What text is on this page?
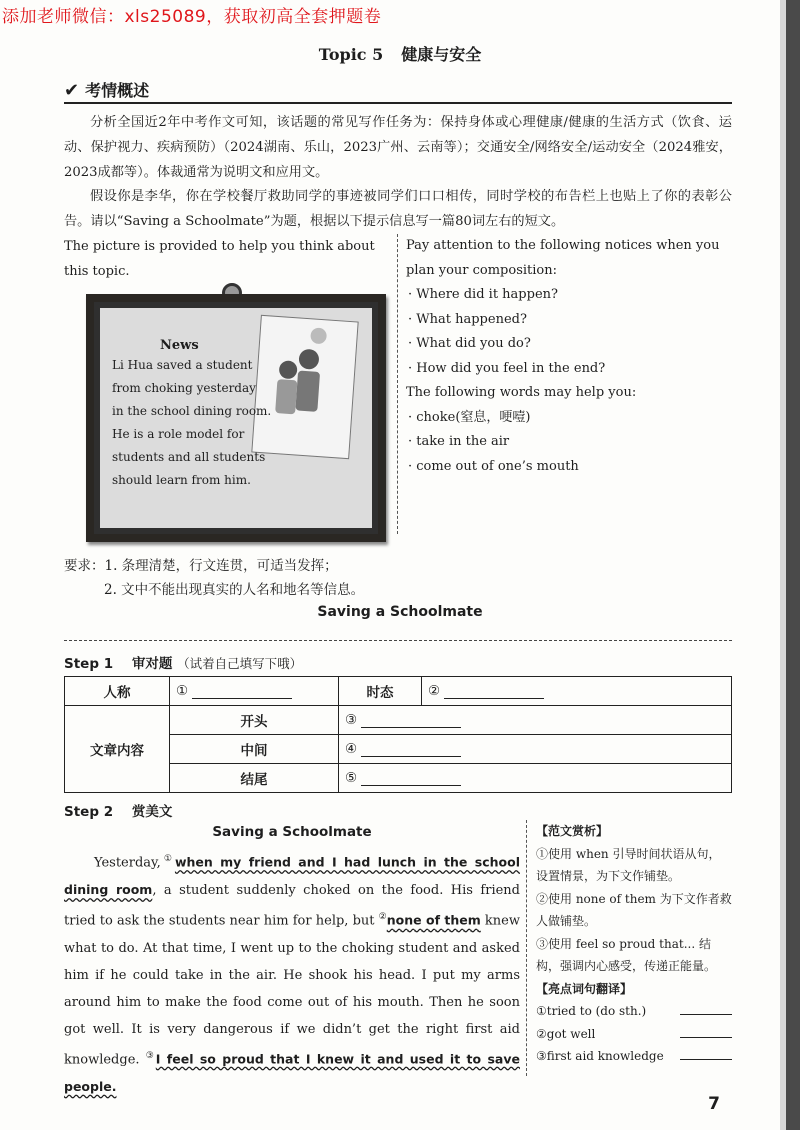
添加老师微信：xls25089，获取初高全套押题卷
Topic 5 健康与安全
✔ 考情概述
分析全国近2年中考作文可知，该话题的常见写作任务为：保持身体或心理健康/健康的生活方式（饮食、运动、保护视力、疾病预防）（2024湖南、乐山，2023广州、云南等）；交通安全/网络安全/运动安全（2024雅安，2023成都等）。体裁通常为说明文和应用文。
假设你是李华，你在学校餐厅救助同学的事迹被同学们口口相传，同时学校的布告栏上也贴上了你的表彰公告。请以“Saving a Schoolmate”为题，根据以下提示信息写一篇80词左右的短文。
The picture is provided to help you think about this topic.
News
Li Hua saved a student
from choking yesterday
in the school dining room.
He is a role model for
students and all students
should learn from him.
Pay attention to the following notices when you plan your composition:
· Where did it happen?
· What happened?
· What did you do?
· How did you feel in the end?
The following words may help you:
· choke(窒息，哽噎)
· take in the air
· come out of one’s mouth
要求：1. 条理清楚，行文连贯，可适当发挥；
2. 文中不能出现真实的人名和地名等信息。
Saving a Schoolmate
Step 1 审对题 （试着自己填写下哦）
人称	①	时态	②
文章内容	开头	③	
	中间	④	
	结尾	⑤	
Step 2 赏美文
Saving a Schoolmate
Yesterday,①when my friend and I had lunch in the school dining room, a student suddenly choked on the food. His friend tried to ask the students near him for help, but ②none of them knew what to do. At that time, I went up to the choking student and asked him if he could take in the air. He shook his head. I put my arms around him to make the food come out of his mouth. Then he soon got well. It is very dangerous if we didn’t get the right first aid knowledge. ③I feel so proud that I knew it and used it to save people.
【范文赏析】
①使用 when 引导时间状语从句，设置情景，为下文作铺垫。
②使用 none of them 为下文作者救人做铺垫。
③使用 feel so proud that... 结构，强调内心感受，传递正能量。
【亮点词句翻译】
①tried to (do sth.)
②got well
③first aid knowledge
7
